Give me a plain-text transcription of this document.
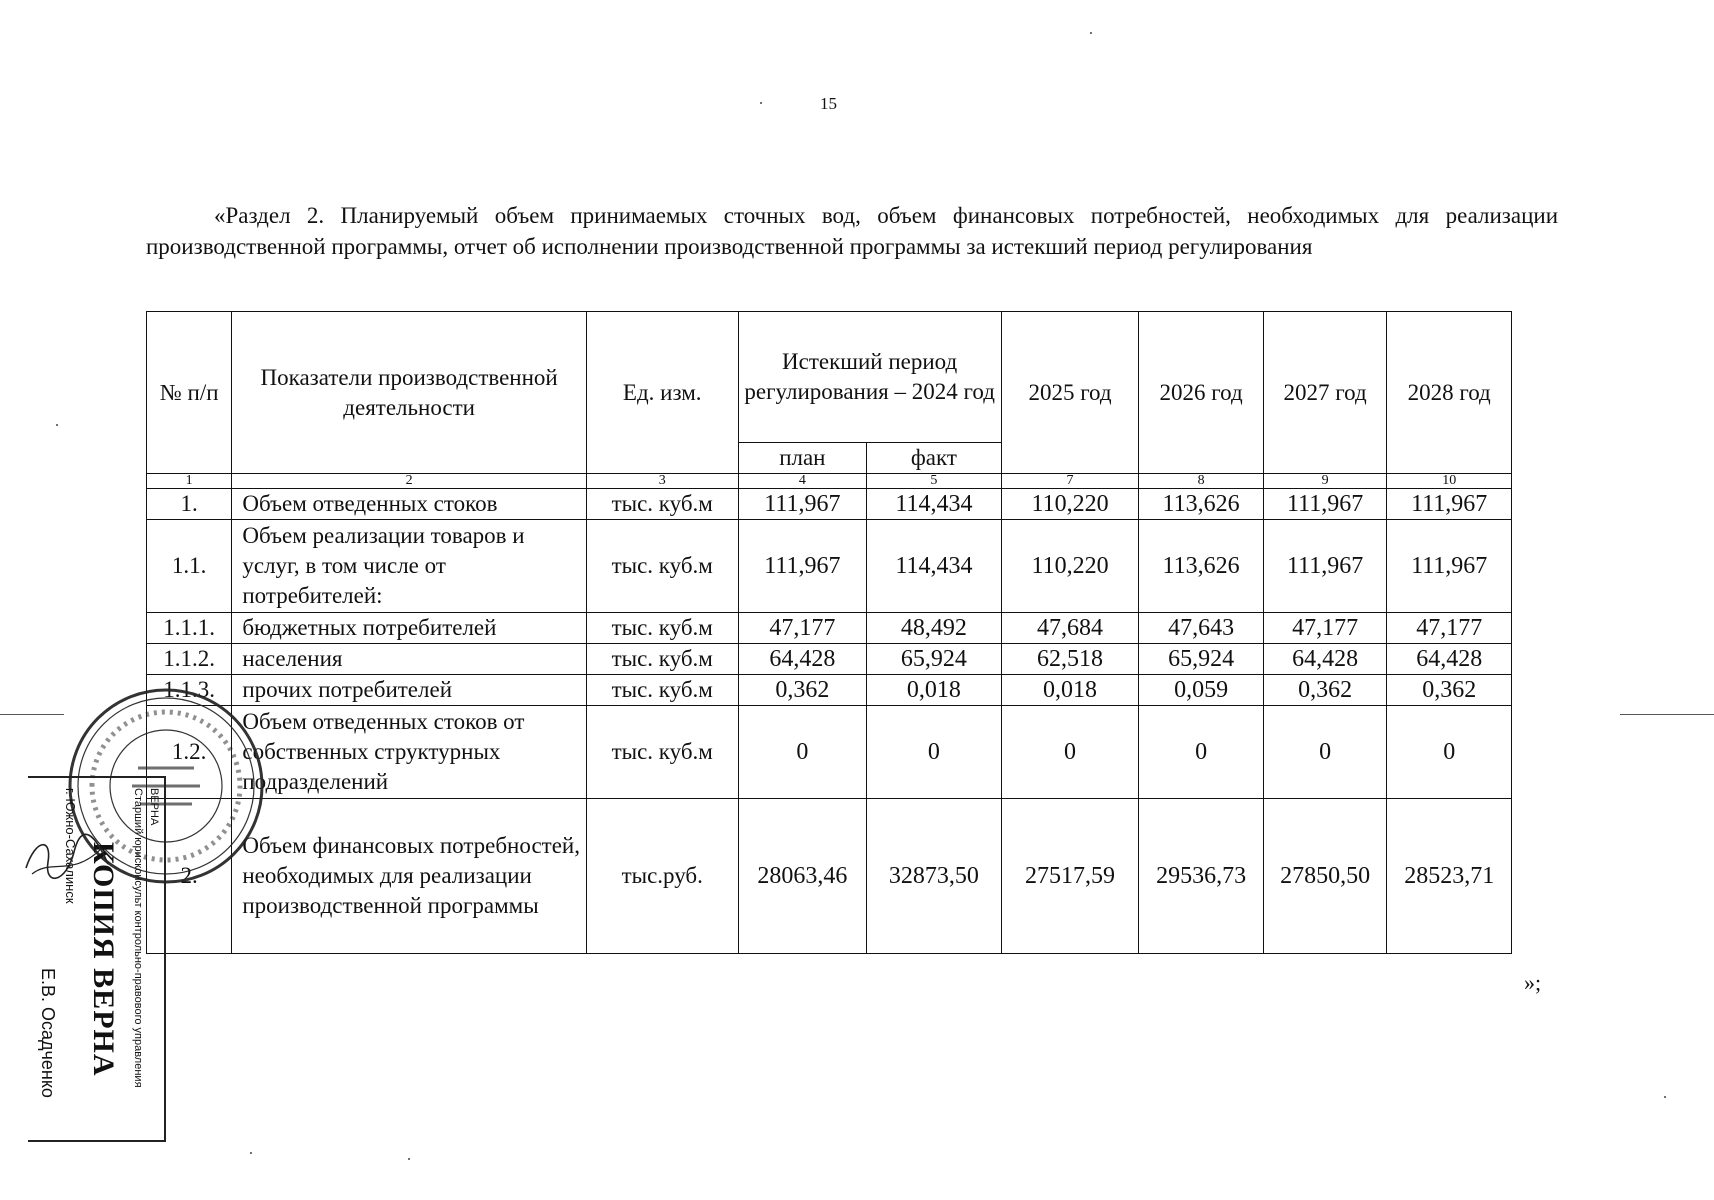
15
«Раздел 2. Планируемый объем принимаемых сточных вод, объем финансовых потребностей, необходимых для реализации производственной программы, отчет об исполнении производственной программы за истекший период регулирования
№ п/п	Показатели производственной деятельности	Ед. изм.	Истекший период регулирования – 2024 год		2025 год	2026 год	2027 год	2028 год
			план	факт				
1	2	3	4	5	7	8	9	10
1.	Объем отведенных стоков	тыс. куб.м	111,967	114,434	110,220	113,626	111,967	111,967
1.1.	Объем реализации товаров и услуг, в том числе от потребителей:	тыс. куб.м	111,967	114,434	110,220	113,626	111,967	111,967
1.1.1.	бюджетных потребителей	тыс. куб.м	47,177	48,492	47,684	47,643	47,177	47,177
1.1.2.	населения	тыс. куб.м	64,428	65,924	62,518	65,924	64,428	64,428
1.1.3.	прочих потребителей	тыс. куб.м	0,362	0,018	0,018	0,059	0,362	0,362
1.2.	Объем отведенных стоков от собственных структурных подразделений	тыс. куб.м	0	0	0	0	0	0
2.	Объем финансовых потребностей, необходимых для реализации производственной программы	тыс.руб.	28063,46	32873,50	27517,59	29536,73	27850,50	28523,71
»;
ВЕРНА
Старший юрисконсульт контрольно-правового управления
КОПИЯ ВЕРНА
г. Южно-Сахалинск
Е.В. Осадченко
